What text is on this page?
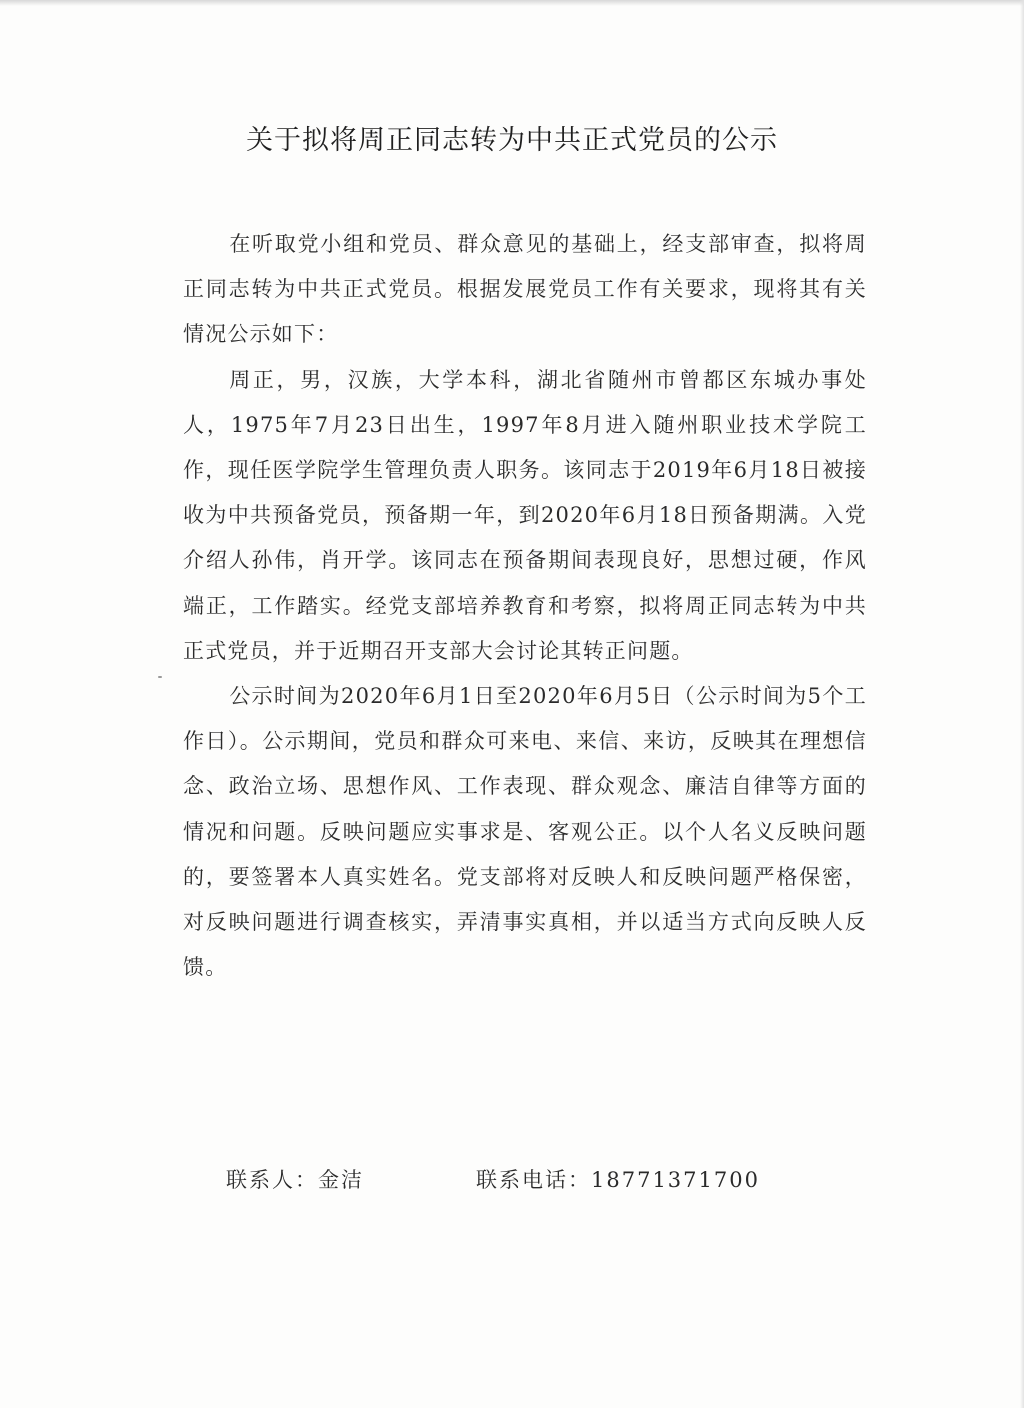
关于拟将周正同志转为中共正式党员的公示

在听取党小组和党员、群众意见的基础上，经支部审查，拟将周正同志转为中共正式党员。根据发展党员工作有关要求，现将其有关情况公示如下：

周正，男，汉族，大学本科，湖北省随州市曾都区东城办事处人，1975年7月23日出生，1997年8月进入随州职业技术学院工作，现任医学院学生管理负责人职务。该同志于2019年6月18日被接收为中共预备党员，预备期一年，到2020年6月18日预备期满。入党介绍人孙伟，肖开学。该同志在预备期间表现良好，思想过硬，作风端正，工作踏实。经党支部培养教育和考察，拟将周正同志转为中共正式党员，并于近期召开支部大会讨论其转正问题。

公示时间为2020年6月1日至2020年6月5日（公示时间为5个工作日）。公示期间，党员和群众可来电、来信、来访，反映其在理想信念、政治立场、思想作风、工作表现、群众观念、廉洁自律等方面的情况和问题。反映问题应实事求是、客观公正。以个人名义反映问题的，要签署本人真实姓名。党支部将对反映人和反映问题严格保密，对反映问题进行调查核实，弄清事实真相，并以适当方式向反映人反馈。

联系人：金洁	联系电话：18771371700
